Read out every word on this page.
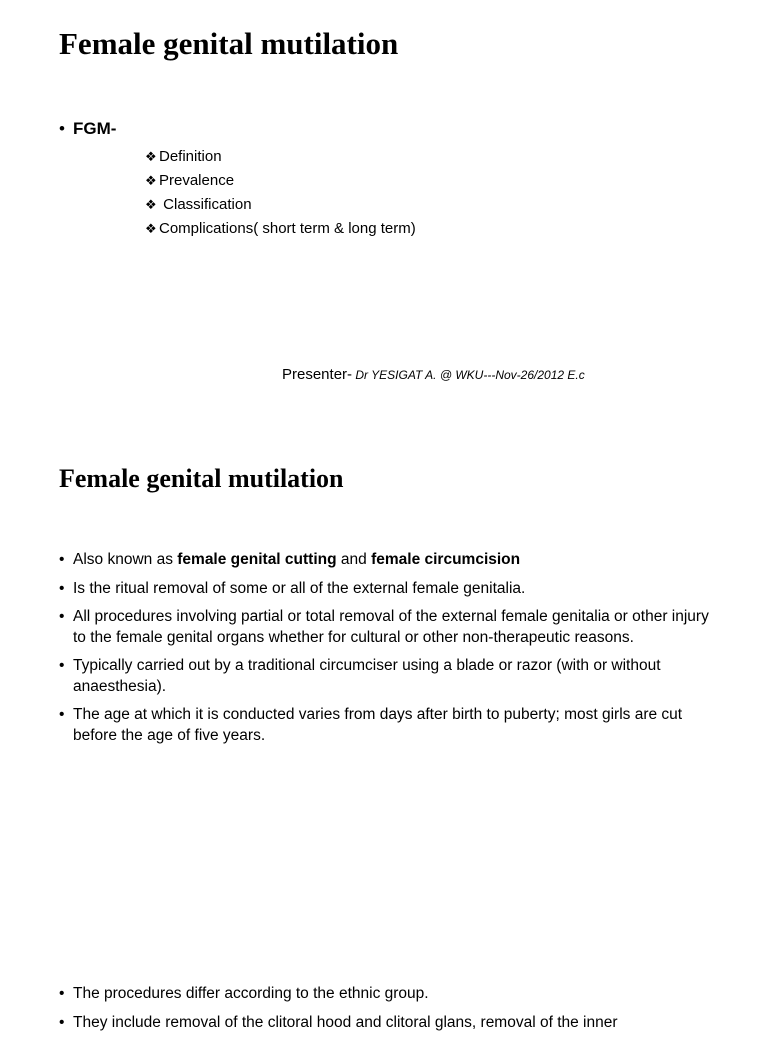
Female genital mutilation
• FGM-
❖ Definition
❖ Prevalence
❖ Classification
❖ Complications( short term & long term)
Presenter- Dr YESIGAT A. @ WKU---Nov-26/2012 E.c
Female genital mutilation
• Also known as female genital cutting and female circumcision
• Is the ritual removal of some or all of the external female genitalia.
• All procedures involving partial or total removal of the external female genitalia or other injury to the female genital organs whether for cultural or other non-therapeutic reasons.
• Typically carried out by a traditional circumciser using a blade or razor (with or without anaesthesia).
• The age at which it is conducted varies from days after birth to puberty; most girls are cut before the age of five years.
• The procedures differ according to the ethnic group.
• They include removal of the clitoral hood and clitoral glans, removal of the inner
